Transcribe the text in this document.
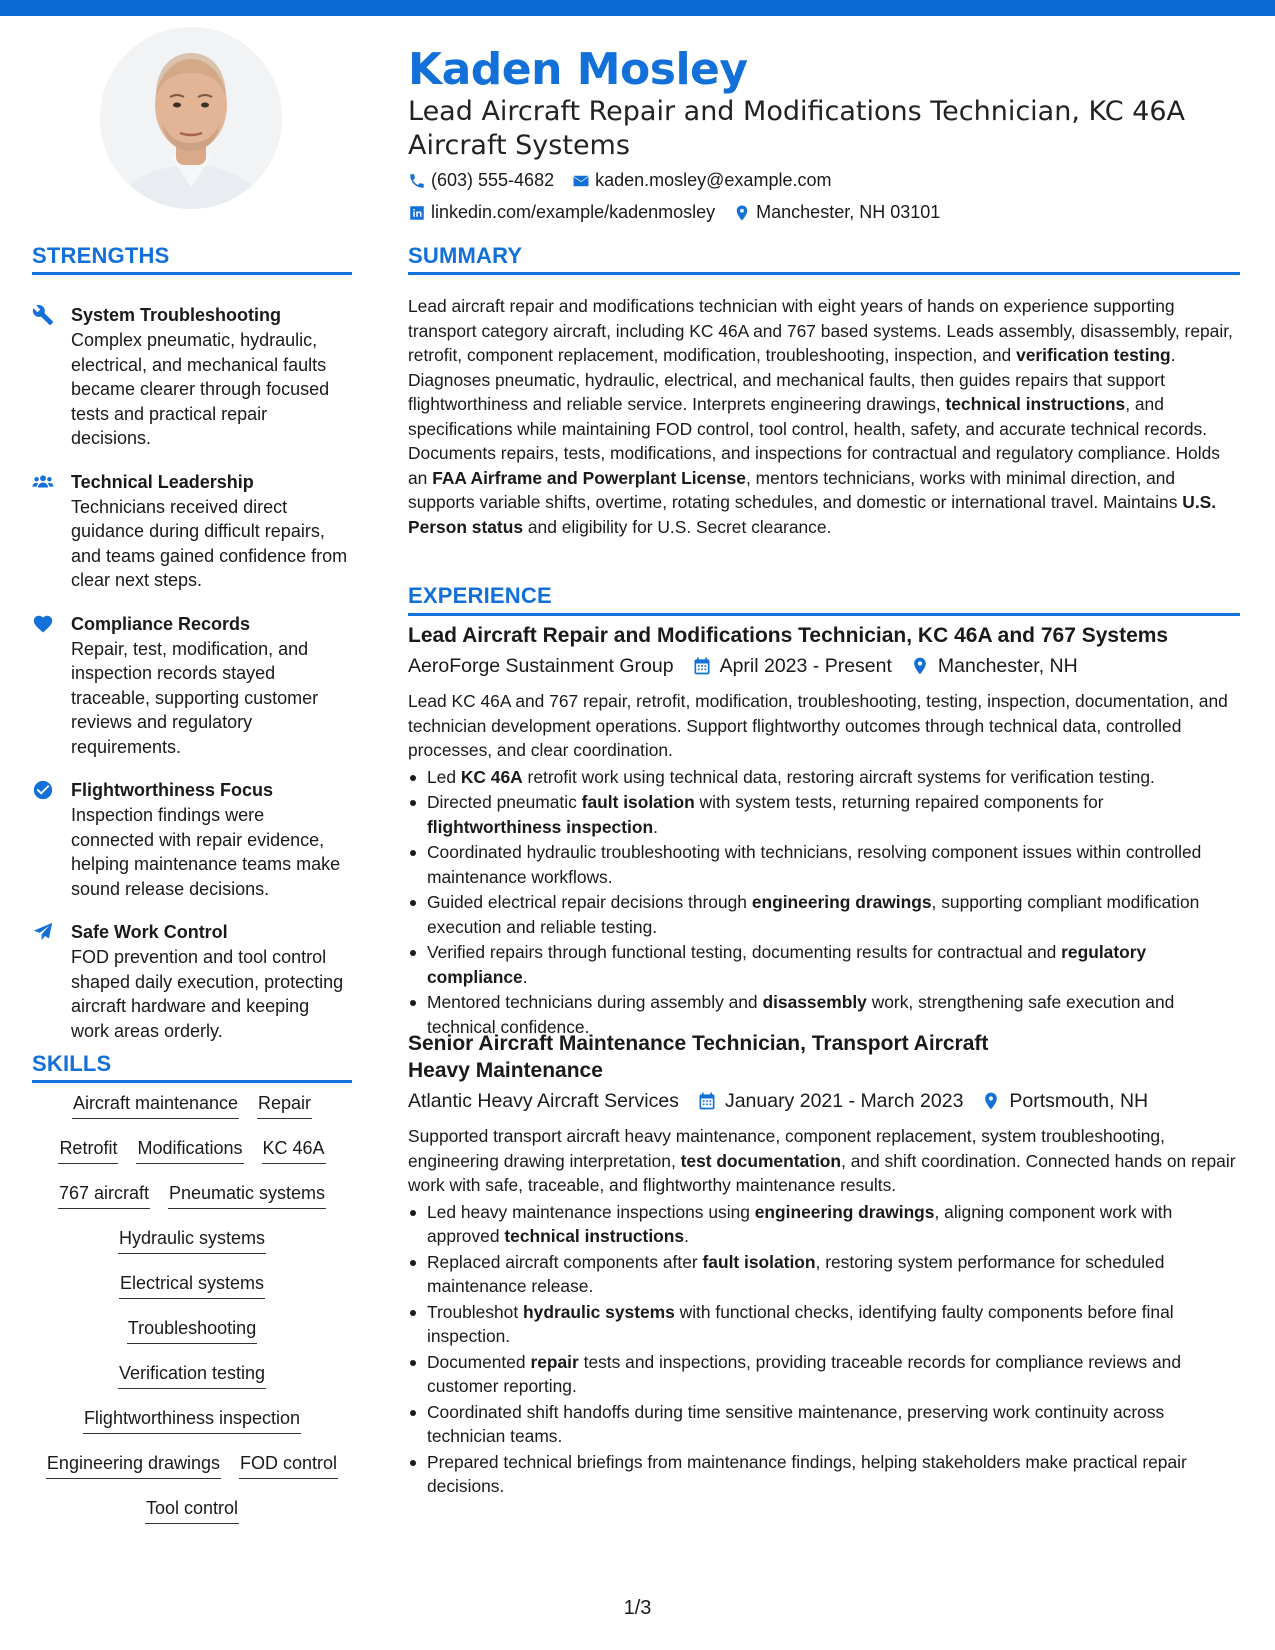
Kaden Mosley
Lead Aircraft Repair and Modifications Technician, KC 46A Aircraft Systems
(603) 555-4682 kaden.mosley@example.com
linkedin.com/example/kadenmosley Manchester, NH 03101
STRENGTHS
System Troubleshooting
Complex pneumatic, hydraulic, electrical, and mechanical faults became clearer through focused tests and practical repair decisions.
Technical Leadership
Technicians received direct guidance during difficult repairs, and teams gained confidence from clear next steps.
Compliance Records
Repair, test, modification, and inspection records stayed traceable, supporting customer reviews and regulatory requirements.
Flightworthiness Focus
Inspection findings were connected with repair evidence, helping maintenance teams make sound release decisions.
Safe Work Control
FOD prevention and tool control shaped daily execution, protecting aircraft hardware and keeping work areas orderly.
SKILLS
Aircraft maintenance Repair
Retrofit Modifications KC 46A
767 aircraft Pneumatic systems
Hydraulic systems
Electrical systems
Troubleshooting
Verification testing
Flightworthiness inspection
Engineering drawings FOD control
Tool control
SUMMARY

Lead aircraft repair and modifications technician with eight years of hands on experience supporting transport category aircraft, including KC 46A and 767 based systems. Leads assembly, disassembly, repair, retrofit, component replacement, modification, troubleshooting, inspection, and verification testing. Diagnoses pneumatic, hydraulic, electrical, and mechanical faults, then guides repairs that support flightworthiness and reliable service. Interprets engineering drawings, technical instructions, and specifications while maintaining FOD control, tool control, health, safety, and accurate technical records. Documents repairs, tests, modifications, and inspections for contractual and regulatory compliance. Holds an FAA Airframe and Powerplant License, mentors technicians, works with minimal direction, and supports variable shifts, overtime, rotating schedules, and domestic or international travel. Maintains U.S. Person status and eligibility for U.S. Secret clearance.

EXPERIENCE
Lead Aircraft Repair and Modifications Technician, KC 46A and 767 Systems
AeroForge Sustainment Group April 2023 - Present Manchester, NH

Lead KC 46A and 767 repair, retrofit, modification, troubleshooting, testing, inspection, documentation, and technician development operations. Support flightworthy outcomes through technical data, controlled processes, and clear coordination.

Led KC 46A retrofit work using technical data, restoring aircraft systems for verification testing.
Directed pneumatic fault isolation with system tests, returning repaired components for flightworthiness inspection.
Coordinated hydraulic troubleshooting with technicians, resolving component issues within controlled maintenance workflows.
Guided electrical repair decisions through engineering drawings, supporting compliant modification execution and reliable testing.
Verified repairs through functional testing, documenting results for contractual and regulatory compliance.
Mentored technicians during assembly and disassembly work, strengthening safe execution and technical confidence.
Senior Aircraft Maintenance Technician, Transport Aircraft Heavy Maintenance
Atlantic Heavy Aircraft Services January 2021 - March 2023 Portsmouth, NH

Supported transport aircraft heavy maintenance, component replacement, system troubleshooting, engineering drawing interpretation, test documentation, and shift coordination. Connected hands on repair work with safe, traceable, and flightworthy maintenance results.

Led heavy maintenance inspections using engineering drawings, aligning component work with approved technical instructions.
Replaced aircraft components after fault isolation, restoring system performance for scheduled maintenance release.
Troubleshot hydraulic systems with functional checks, identifying faulty components before final inspection.
Documented repair tests and inspections, providing traceable records for compliance reviews and customer reporting.
Coordinated shift handoffs during time sensitive maintenance, preserving work continuity across technician teams.
Prepared technical briefings from maintenance findings, helping stakeholders make practical repair decisions.
1/3
